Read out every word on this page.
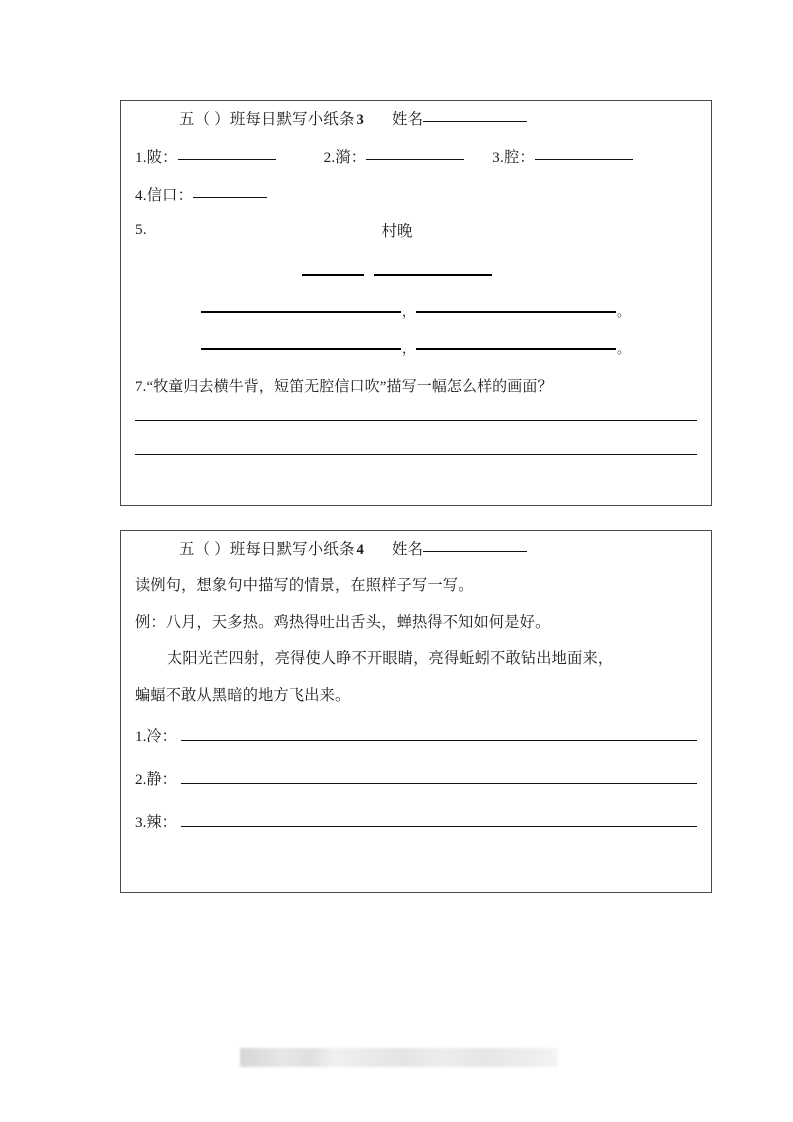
五（ ）班每日默写小纸条 3 姓名
1.陂：	2.漪：	3.腔：
4.信口：
5.	村晚
，	。
，	。
7.“牧童归去横牛背，短笛无腔信口吹”描写一幅怎么样的画面？
五（ ）班每日默写小纸条 4 姓名
读例句，想象句中描写的情景，在照样子写一写。
例：八月，天多热。鸡热得吐出舌头，蝉热得不知如何是好。
太阳光芒四射，亮得使人睁不开眼睛，亮得蚯蚓不敢钻出地面来，
蝙蝠不敢从黑暗的地方飞出来。
1. 冷：
2. 静：
3. 辣：
